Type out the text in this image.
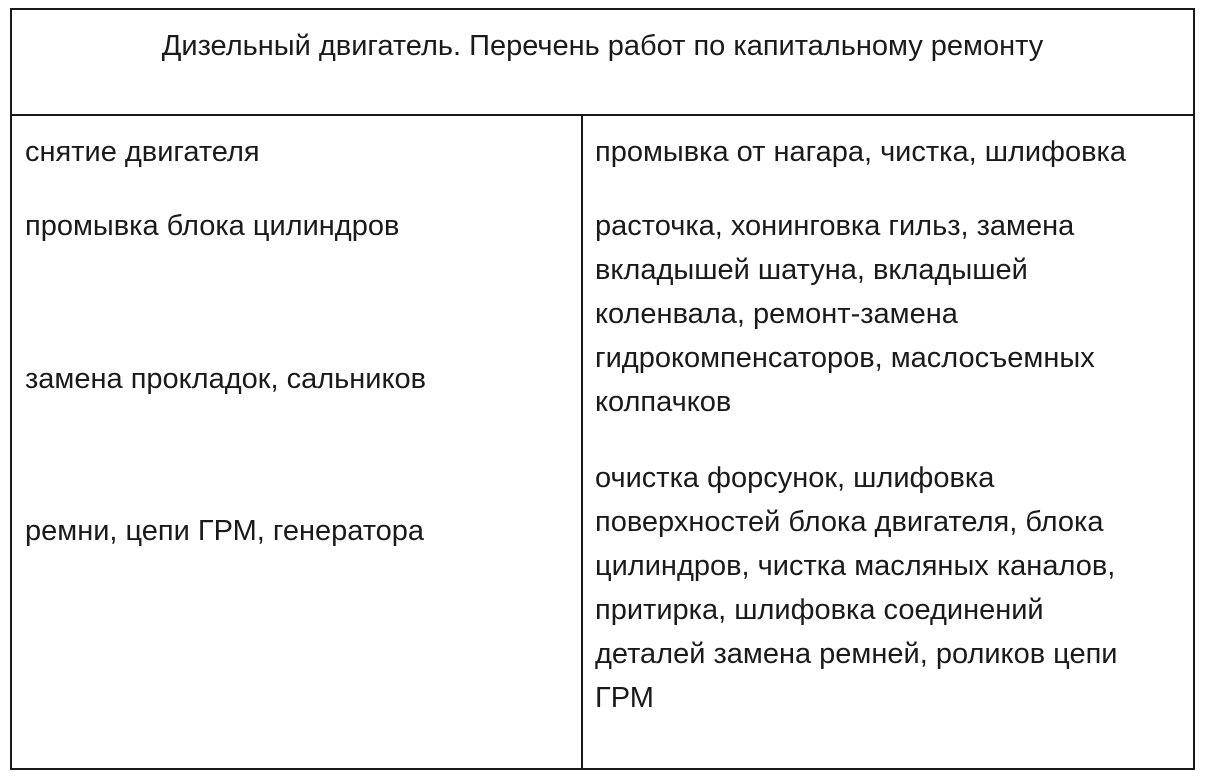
Дизельный двигатель. Перечень работ по капитальному ремонту
снятие двигателя
промывка блока цилиндров
замена прокладок, сальников
ремни, цепи ГРМ, генератора
промывка от нагара, чистка, шлифовка
расточка, хонинговка гильз, замена
вкладышей шатуна, вкладышей
коленвала, ремонт-замена
гидрокомпенсаторов, маслосъемных
колпачков
очистка форсунок, шлифовка
поверхностей блока двигателя, блока
цилиндров, чистка масляных каналов,
притирка, шлифовка соединений
деталей замена ремней, роликов цепи
ГРМ
